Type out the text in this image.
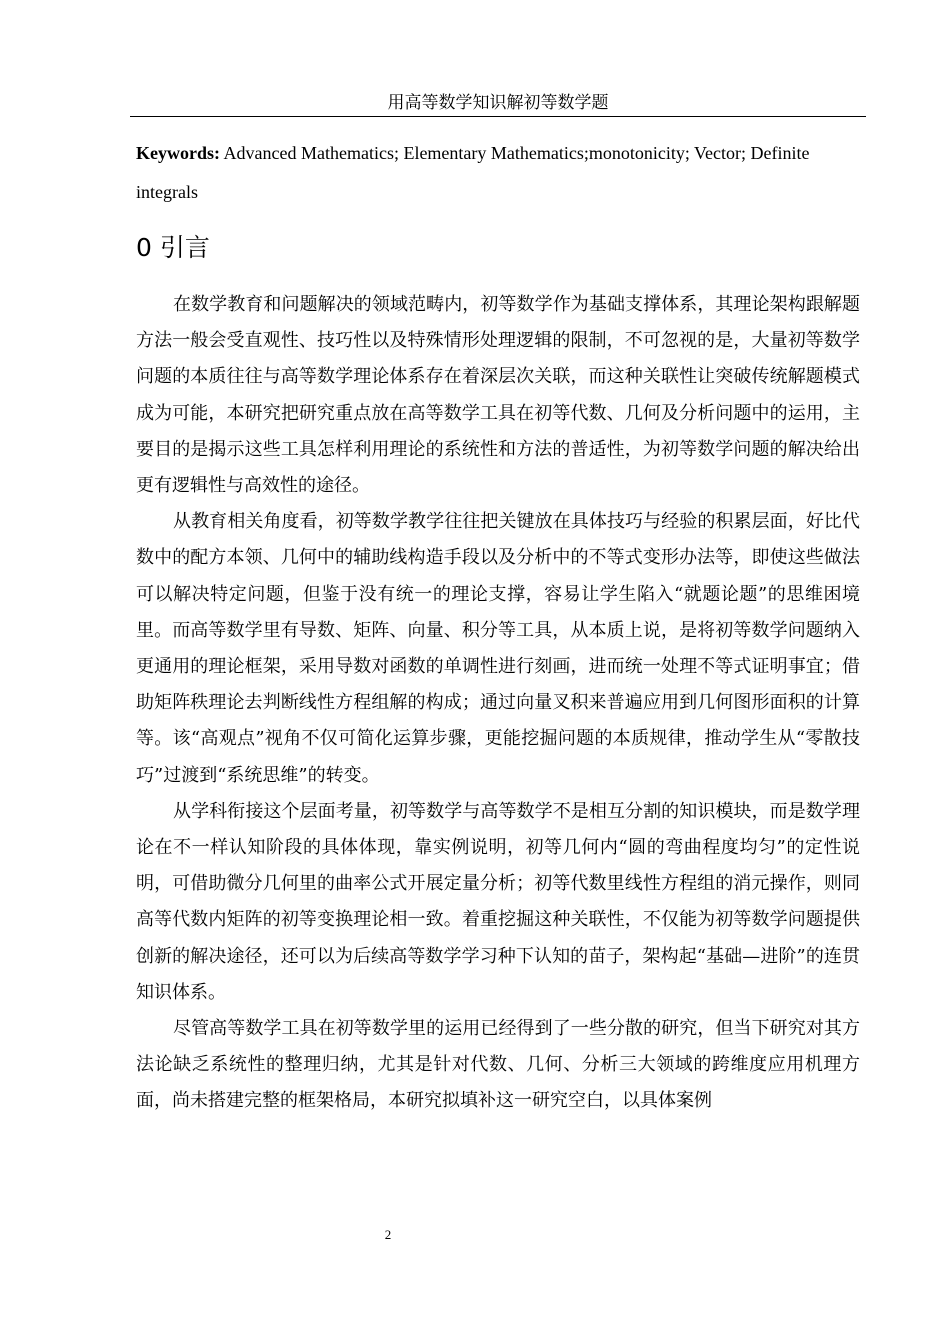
用高等数学知识解初等数学题
Keywords: Advanced Mathematics; Elementary Mathematics;monotonicity; Vector; Definite integrals
0 引言

在数学教育和问题解决的领域范畴内，初等数学作为基础支撑体系，其理论架构跟解题方法一般会受直观性、技巧性以及特殊情形处理逻辑的限制，不可忽视的是，大量初等数学问题的本质往往与高等数学理论体系存在着深层次关联，而这种关联性让突破传统解题模式成为可能，本研究把研究重点放在高等数学工具在初等代数、几何及分析问题中的运用，主要目的是揭示这些工具怎样利用理论的系统性和方法的普适性，为初等数学问题的解决给出更有逻辑性与高效性的途径。

从教育相关角度看，初等数学教学往往把关键放在具体技巧与经验的积累层面，好比代数中的配方本领、几何中的辅助线构造手段以及分析中的不等式变形办法等，即使这些做法可以解决特定问题，但鉴于没有统一的理论支撑，容易让学生陷入“就题论题”的思维困境里。而高等数学里有导数、矩阵、向量、积分等工具，从本质上说，是将初等数学问题纳入更通用的理论框架，采用导数对函数的单调性进行刻画，进而统一处理不等式证明事宜；借助矩阵秩理论去判断线性方程组解的构成；通过向量叉积来普遍应用到几何图形面积的计算等。该“高观点”视角不仅可简化运算步骤，更能挖掘问题的本质规律，推动学生从“零散技巧”过渡到“系统思维”的转变。

从学科衔接这个层面考量，初等数学与高等数学不是相互分割的知识模块，而是数学理论在不一样认知阶段的具体体现，靠实例说明，初等几何内“圆的弯曲程度均匀”的定性说明，可借助微分几何里的曲率公式开展定量分析；初等代数里线性方程组的消元操作，则同高等代数内矩阵的初等变换理论相一致。着重挖掘这种关联性，不仅能为初等数学问题提供创新的解决途径，还可以为后续高等数学学习种下认知的苗子，架构起“基础—进阶”的连贯知识体系。

尽管高等数学工具在初等数学里的运用已经得到了一些分散的研究，但当下研究对其方法论缺乏系统性的整理归纳，尤其是针对代数、几何、分析三大领域的跨维度应用机理方面，尚未搭建完整的框架格局，本研究拟填补这一研究空白，以具体案例

2
